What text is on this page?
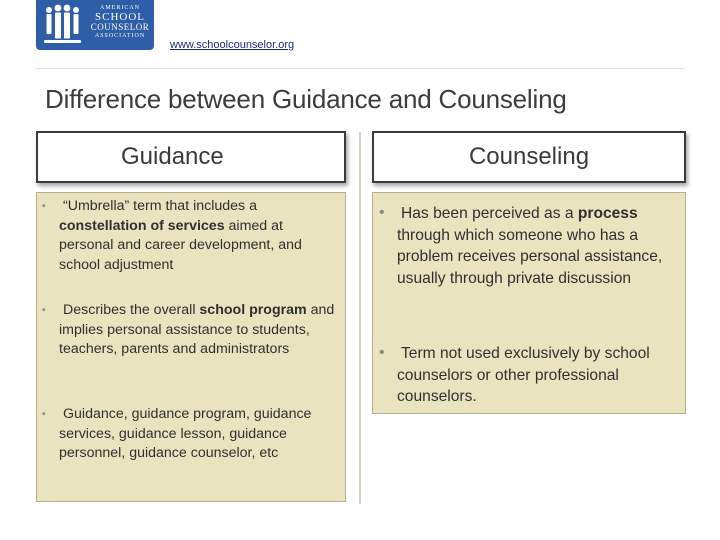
AMERICAN
SCHOOL
COUNSELOR
ASSOCIATION
www.schoolcounselor.org
Difference between Guidance and Counseling
Guidance	Counseling
• “Umbrella” term that includes a constellation of services aimed at personal and career development, and school adjustment
• Describes the overall school program and implies personal assistance to students, teachers, parents and administrators
• Guidance, guidance program, guidance services, guidance lesson, guidance personnel, guidance counselor, etc
• Has been perceived as a process through which someone who has a problem receives personal assistance, usually through private discussion
• Term not used exclusively by school counselors or other professional counselors.
